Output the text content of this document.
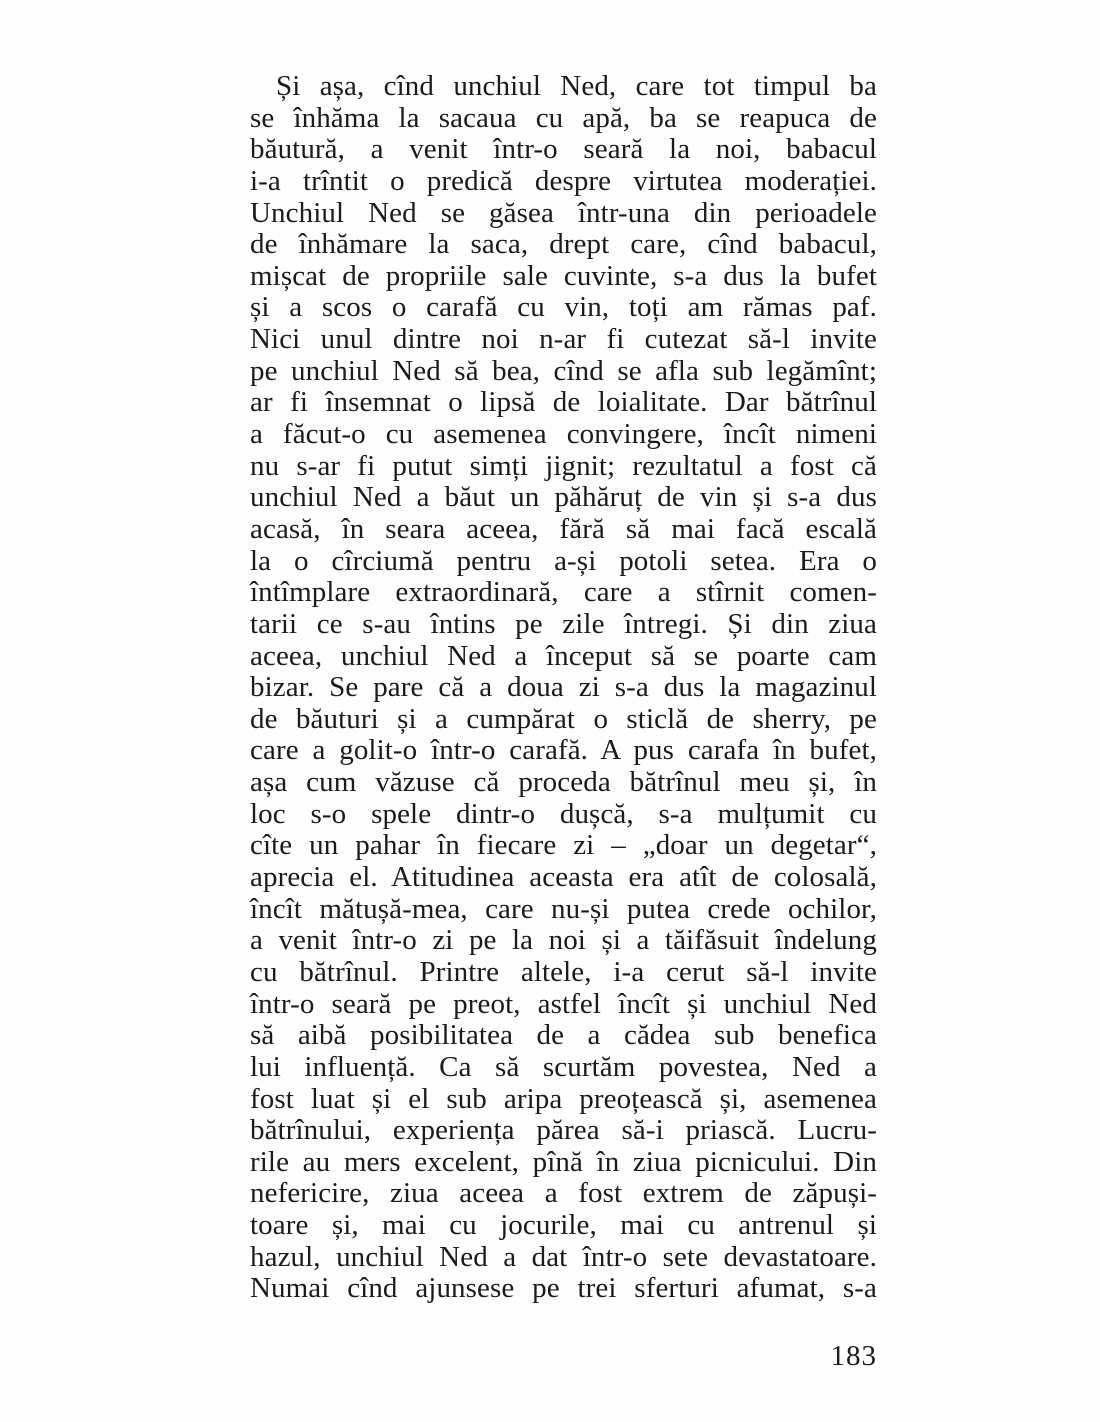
Și așa, cînd unchiul Ned, care tot timpul ba
se înhăma la sacaua cu apă, ba se reapuca de
băutură, a venit într-o seară la noi, babacul
i-a trîntit o predică despre virtutea moderației.
Unchiul Ned se găsea într-una din perioadele
de înhămare la saca, drept care, cînd babacul,
mișcat de propriile sale cuvinte, s-a dus la bufet
și a scos o carafă cu vin, toți am rămas paf.
Nici unul dintre noi n-ar fi cutezat să-l invite
pe unchiul Ned să bea, cînd se afla sub legămînt;
ar fi însemnat o lipsă de loialitate. Dar bătrînul
a făcut-o cu asemenea convingere, încît nimeni
nu s-ar fi putut simți jignit; rezultatul a fost că
unchiul Ned a băut un păhăruț de vin și s-a dus
acasă, în seara aceea, fără să mai facă escală
la o cîrciumă pentru a-și potoli setea. Era o
întîmplare extraordinară, care a stîrnit comen-
tarii ce s-au întins pe zile întregi. Și din ziua
aceea, unchiul Ned a început să se poarte cam
bizar. Se pare că a doua zi s-a dus la magazinul
de băuturi și a cumpărat o sticlă de sherry, pe
care a golit-o într-o carafă. A pus carafa în bufet,
așa cum văzuse că proceda bătrînul meu și, în
loc s-o spele dintr-o dușcă, s-a mulțumit cu
cîte un pahar în fiecare zi – „doar un degetar“,
aprecia el. Atitudinea aceasta era atît de colosală,
încît mătușă-mea, care nu-și putea crede ochilor,
a venit într-o zi pe la noi și a tăifăsuit îndelung
cu bătrînul. Printre altele, i-a cerut să-l invite
într-o seară pe preot, astfel încît și unchiul Ned
să aibă posibilitatea de a cădea sub benefica
lui influență. Ca să scurtăm povestea, Ned a
fost luat și el sub aripa preoțească și, asemenea
bătrînului, experiența părea să-i priască. Lucru-
rile au mers excelent, pînă în ziua picnicului. Din
nefericire, ziua aceea a fost extrem de zăpuși-
toare și, mai cu jocurile, mai cu antrenul și
hazul, unchiul Ned a dat într-o sete devastatoare.
Numai cînd ajunsese pe trei sferturi afumat, s-a
183
